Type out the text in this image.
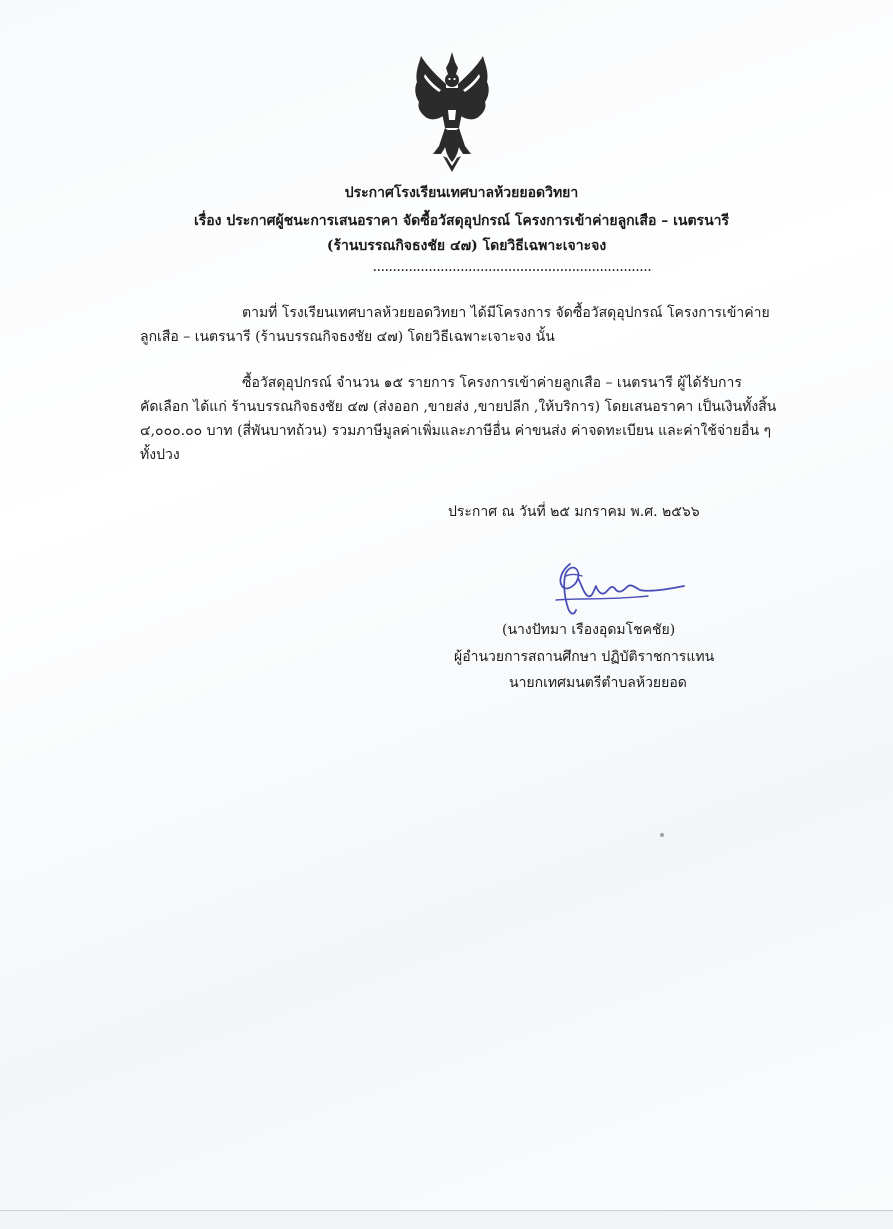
ประกาศโรงเรียนเทศบาลห้วยยอดวิทยา
เรื่อง ประกาศผู้ชนะการเสนอราคา จัดซื้อวัสดุอุปกรณ์ โครงการเข้าค่ายลูกเสือ – เนตรนารี
(ร้านบรรณกิจธงชัย ๔๗) โดยวิธีเฉพาะเจาะจง
......................................................................
ตามที่ โรงเรียนเทศบาลห้วยยอดวิทยา ได้มีโครงการ จัดซื้อวัสดุอุปกรณ์ โครงการเข้าค่าย
ลูกเสือ – เนตรนารี (ร้านบรรณกิจธงชัย ๔๗) โดยวิธีเฉพาะเจาะจง นั้น
ซื้อวัสดุอุปกรณ์ จำนวน ๑๕ รายการ โครงการเข้าค่ายลูกเสือ – เนตรนารี ผู้ได้รับการ
คัดเลือก ได้แก่ ร้านบรรณกิจธงชัย ๔๗ (ส่งออก ,ขายส่ง ,ขายปลีก ,ให้บริการ) โดยเสนอราคา เป็นเงินทั้งสิ้น
๔,๐๐๐.๐๐ บาท (สี่พันบาทถ้วน) รวมภาษีมูลค่าเพิ่มและภาษีอื่น ค่าขนส่ง ค่าจดทะเบียน และค่าใช้จ่ายอื่น ๆ
ทั้งปวง
ประกาศ ณ วันที่ ๒๕ มกราคม พ.ศ. ๒๕๖๖
(นางปัทมา เรืองอุดมโชคชัย)
ผู้อำนวยการสถานศึกษา ปฏิบัติราชการแทน
นายกเทศมนตรีตำบลห้วยยอด
